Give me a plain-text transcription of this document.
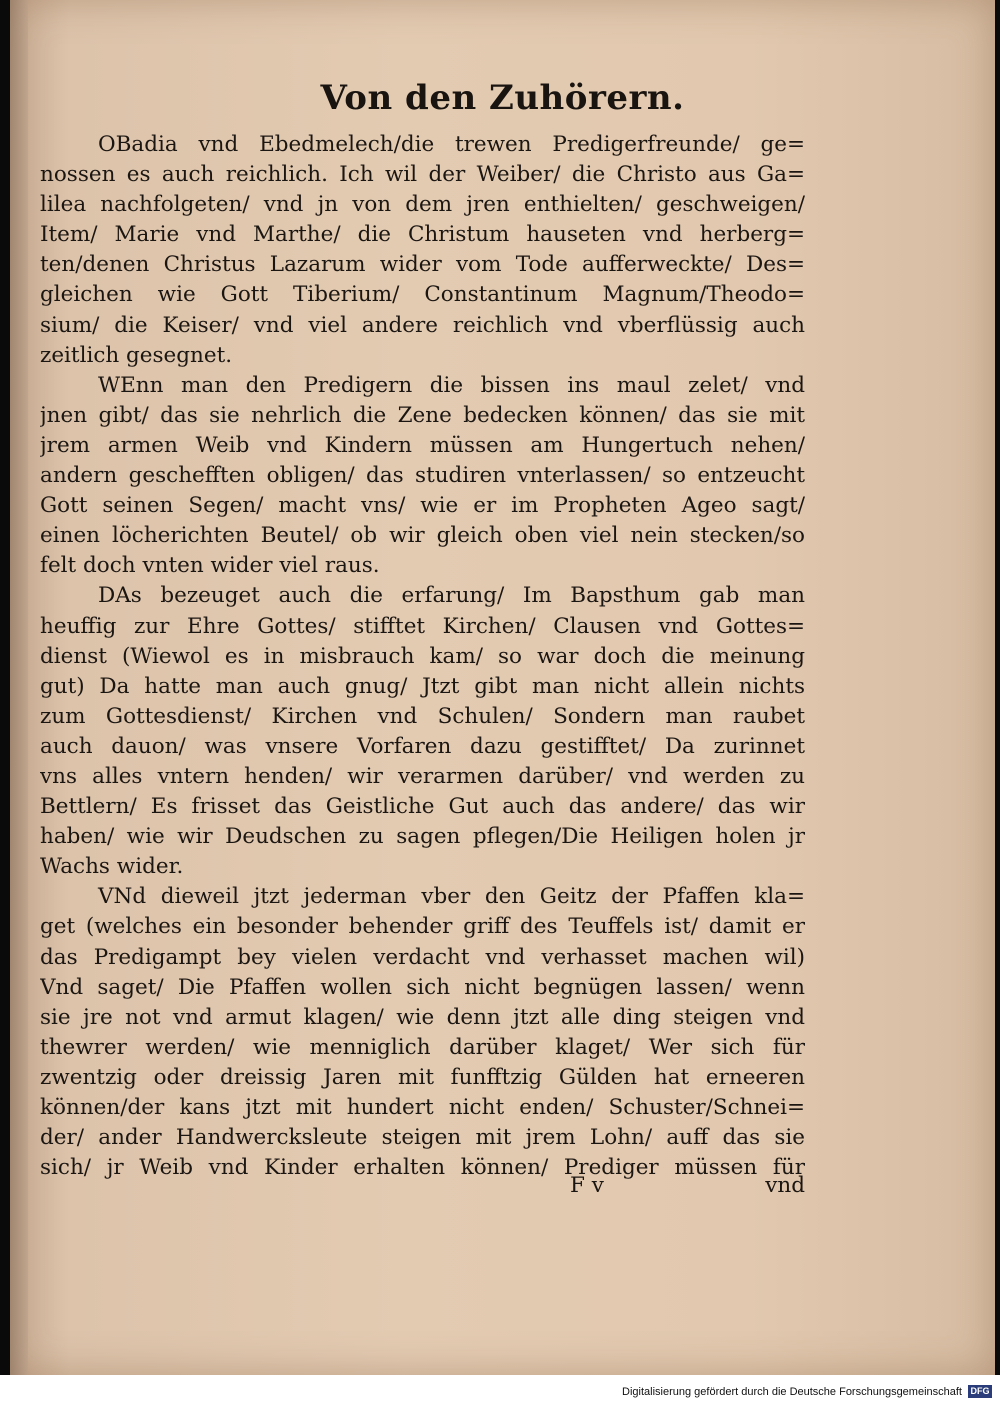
Von den Zuhörern.
OBadia vnd Ebedmelech/die trewen Predigerfreunde/ ge=
nossen es auch reichlich. Ich wil der Weiber/ die Christo aus Ga=
lilea nachfolgeten/ vnd jn von dem jren enthielten/ geschweigen/
Item/ Marie vnd Marthe/ die Christum hauseten vnd herberg=
ten/denen Christus Lazarum wider vom Tode aufferweckte/ Des=
gleichen wie Gott Tiberium/ Constantinum Magnum/Theodo=
sium/ die Keiser/ vnd viel andere reichlich vnd vberflüssig auch
zeitlich gesegnet.
WEnn man den Predigern die bissen ins maul zelet/ vnd
jnen gibt/ das sie nehrlich die Zene bedecken können/ das sie mit
jrem armen Weib vnd Kindern müssen am Hungertuch nehen/
andern geschefften obligen/ das studiren vnterlassen/ so entzeucht
Gott seinen Segen/ macht vns/ wie er im Propheten Ageo sagt/
einen löcherichten Beutel/ ob wir gleich oben viel nein stecken/so
felt doch vnten wider viel raus.
DAs bezeuget auch die erfarung/ Im Bapsthum gab man
heuffig zur Ehre Gottes/ stifftet Kirchen/ Clausen vnd Gottes=
dienst (Wiewol es in misbrauch kam/ so war doch die meinung
gut) Da hatte man auch gnug/ Jtzt gibt man nicht allein nichts
zum Gottesdienst/ Kirchen vnd Schulen/ Sondern man raubet
auch dauon/ was vnsere Vorfaren dazu gestifftet/ Da zurinnet
vns alles vntern henden/ wir verarmen darüber/ vnd werden zu
Bettlern/ Es frisset das Geistliche Gut auch das andere/ das wir
haben/ wie wir Deudschen zu sagen pflegen/Die Heiligen holen jr
Wachs wider.
VNd dieweil jtzt jederman vber den Geitz der Pfaffen kla=
get (welches ein besonder behender griff des Teuffels ist/ damit er
das Predigampt bey vielen verdacht vnd verhasset machen wil)
Vnd saget/ Die Pfaffen wollen sich nicht begnügen lassen/ wenn
sie jre not vnd armut klagen/ wie denn jtzt alle ding steigen vnd
thewrer werden/ wie menniglich darüber klaget/ Wer sich für
zwentzig oder dreissig Jaren mit funfftzig Gülden hat erneeren
können/der kans jtzt mit hundert nicht enden/ Schuster/Schnei=
der/ ander Handwercksleute steigen mit jrem Lohn/ auff das sie
sich/ jr Weib vnd Kinder erhalten können/ Prediger müssen für
F v	vnd
Digitalisierung gefördert durch die Deutsche Forschungsgemeinschaft DFG
